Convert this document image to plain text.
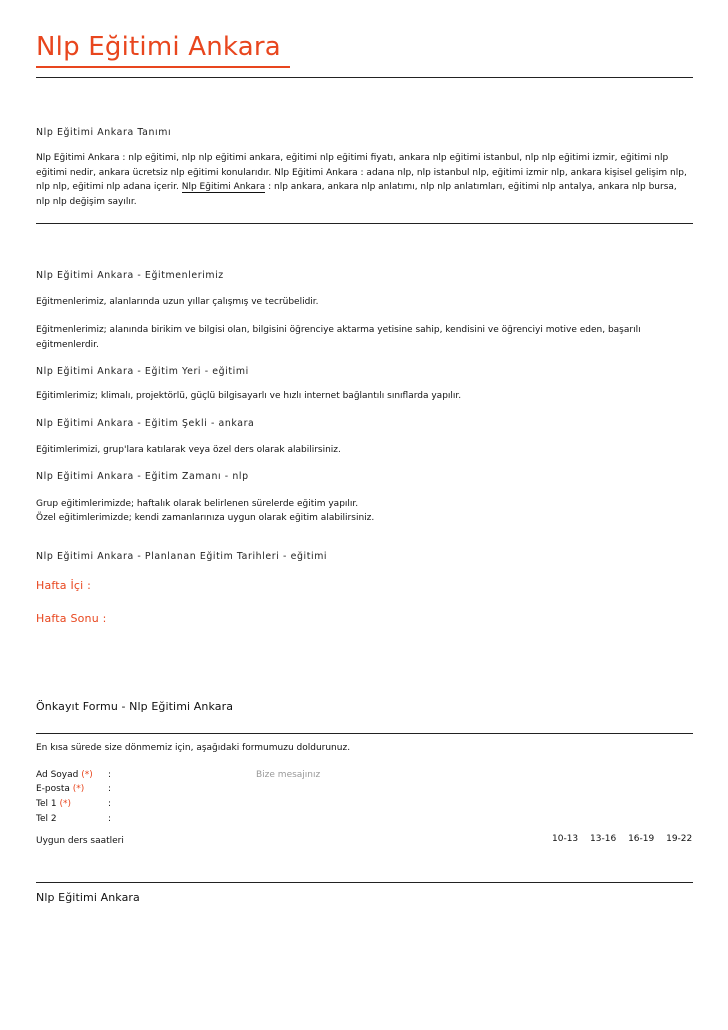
Nlp Eğitimi Ankara
Nlp Eğitimi Ankara Tanımı
Nlp Eğitimi Ankara : nlp eğitimi, nlp nlp eğitimi ankara, eğitimi nlp eğitimi fiyatı, ankara nlp eğitimi istanbul, nlp nlp eğitimi izmir, eğitimi nlp eğitimi nedir, ankara ücretsiz nlp eğitimi konularıdır. Nlp Eğitimi Ankara : adana nlp, nlp istanbul nlp, eğitimi izmir nlp, ankara kişisel gelişim nlp, nlp nlp, eğitimi nlp adana içerir. Nlp Eğitimi Ankara : nlp ankara, ankara nlp anlatımı, nlp nlp anlatımları, eğitimi nlp antalya, ankara nlp bursa, nlp nlp değişim sayılır.
Nlp Eğitimi Ankara - Eğitmenlerimiz
Eğitmenlerimiz, alanlarında uzun yıllar çalışmış ve tecrübelidir.
Eğitmenlerimiz; alanında birikim ve bilgisi olan, bilgisini öğrenciye aktarma yetisine sahip, kendisini ve öğrenciyi motive eden, başarılı eğitmenlerdir.
Nlp Eğitimi Ankara - Eğitim Yeri - eğitimi
Eğitimlerimiz; klimalı, projektörlü, güçlü bilgisayarlı ve hızlı internet bağlantılı sınıflarda yapılır.
Nlp Eğitimi Ankara - Eğitim Şekli - ankara
Eğitimlerimizi, grup'lara katılarak veya özel ders olarak alabilirsiniz.
Nlp Eğitimi Ankara - Eğitim Zamanı - nlp
Grup eğitimlerimizde; haftalık olarak belirlenen sürelerde eğitim yapılır.
Özel eğitimlerimizde; kendi zamanlarınıza uygun olarak eğitim alabilirsiniz.
Nlp Eğitimi Ankara - Planlanan Eğitim Tarihleri - eğitimi
Hafta İçi :
Hafta Sonu :
Önkayıt Formu - Nlp Eğitimi Ankara
En kısa sürede size dönmemiz için, aşağıdaki formumuzu doldurunuz.
Ad Soyad (*) :
E-posta (*)	:
Tel 1 (*)	:
Tel 2	:
Bize mesajınız
Uygun ders saatleri	10-13 13-16 16-19 19-22
Nlp Eğitimi Ankara
